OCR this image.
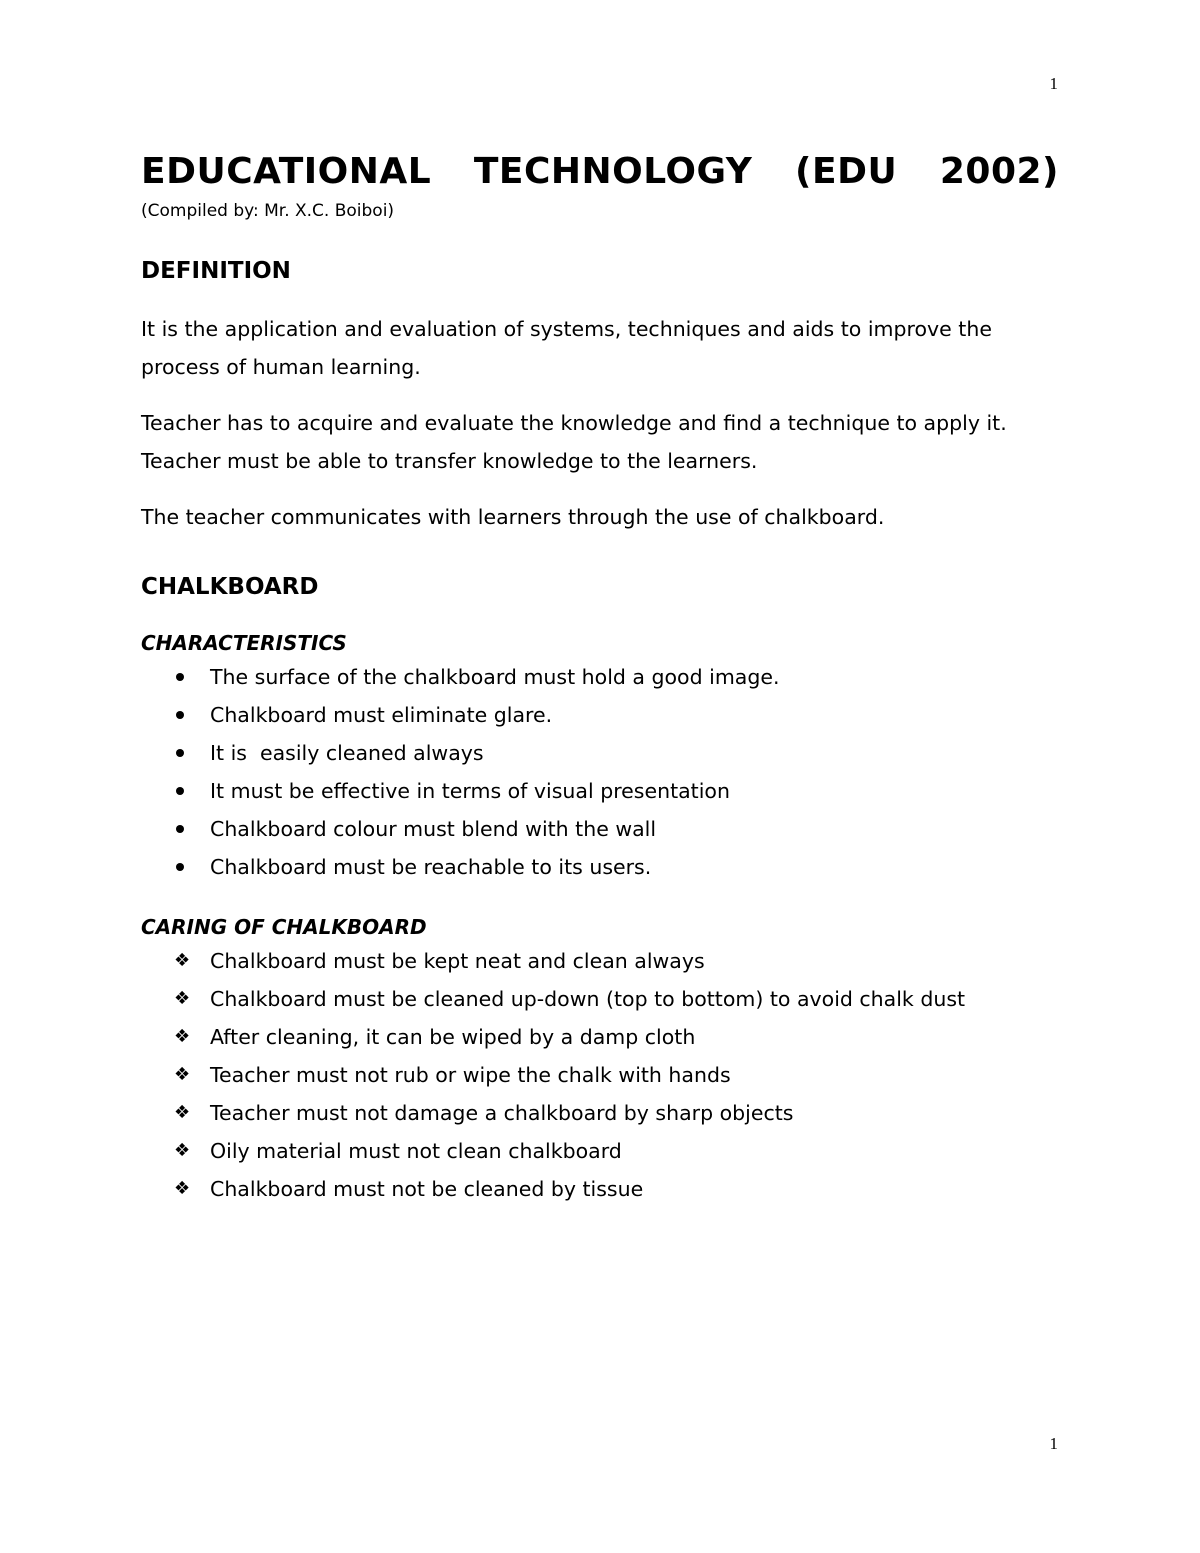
1
EDUCATIONAL TECHNOLOGY (EDU 2002)

(Compiled by: Mr. X.C. Boiboi)

DEFINITION

It is the application and evaluation of systems, techniques and aids to improve the process of human learning.

Teacher has to acquire and evaluate the knowledge and find a technique to apply it. Teacher must be able to transfer knowledge to the learners.

The teacher communicates with learners through the use of chalkboard.

CHALKBOARD
CHARACTERISTICS
The surface of the chalkboard must hold a good image.
Chalkboard must eliminate glare.
It is  easily cleaned always
It must be effective in terms of visual presentation
Chalkboard colour must blend with the wall
Chalkboard must be reachable to its users.
CARING OF CHALKBOARD
❖ Chalkboard must be kept neat and clean always
❖ Chalkboard must be cleaned up-down (top to bottom) to avoid chalk dust
❖ After cleaning, it can be wiped by a damp cloth
❖ Teacher must not rub or wipe the chalk with hands
❖ Teacher must not damage a chalkboard by sharp objects
❖ Oily material must not clean chalkboard
❖ Chalkboard must not be cleaned by tissue
1
